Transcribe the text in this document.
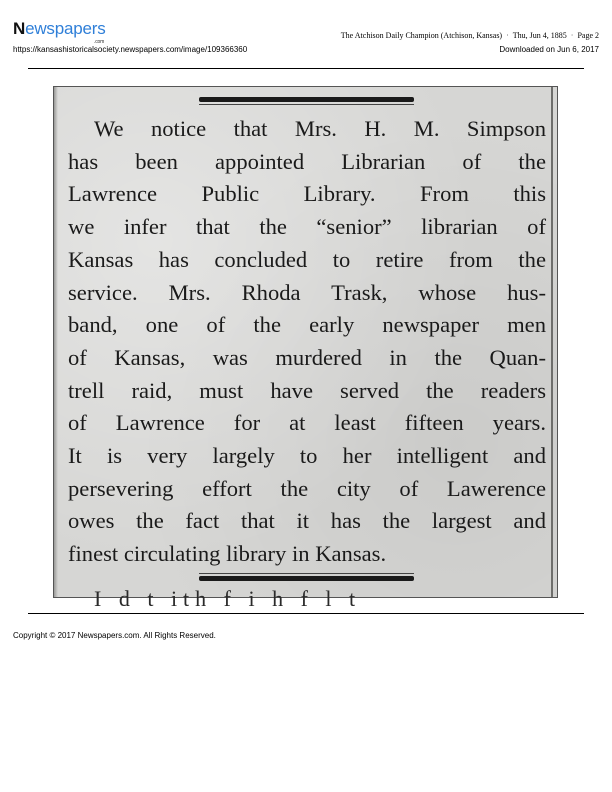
Newspapers
.com
https://kansashistoricalsociety.newspapers.com/image/109366360
The Atchison Daily Champion (Atchison, Kansas) · Thu, Jun 4, 1885 · Page 2
Downloaded on Jun 6, 2017
We notice that Mrs. H. M. Simpson
has been appointed Librarian of the
Lawrence Public Library. From this
we infer that the “senior” librarian of
Kansas has concluded to retire from the
service. Mrs. Rhoda Trask, whose hus-
band, one of the early newspaper men
of Kansas, was murdered in the Quan-
trell raid, must have served the readers
of Lawrence for at least fifteen years.
It is very largely to her intelligent and
persevering effort the city of Lawerence
owes the fact that it has the largest and
finest circulating library in Kansas.
I d t ith f i h f l t
Copyright © 2017 Newspapers.com. All Rights Reserved.
